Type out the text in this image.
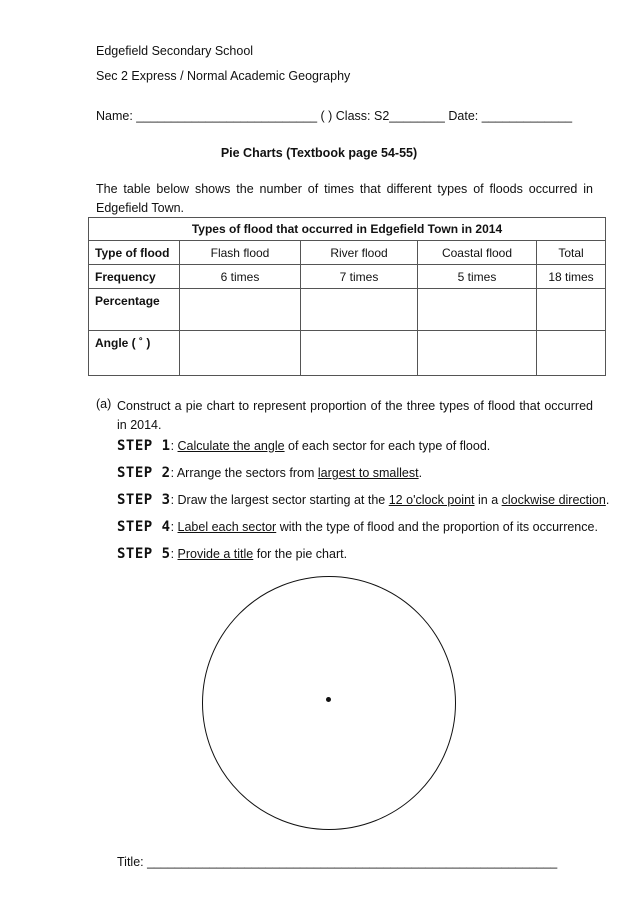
Edgefield Secondary School
Sec 2 Express / Normal Academic Geography
Name: __________________________ ( ) Class: S2________ Date: _____________
Pie Charts (Textbook page 54-55)
The table below shows the number of times that different types of floods occurred in Edgefield Town.
Types of flood that occurred in Edgefield Town in 2014				
Type of flood	Flash flood	River flood	Coastal flood	Total
Frequency	6 times	7 times	5 times	18 times
Percentage				
Angle ( ˚ )				
(a) Construct a pie chart to represent proportion of the three types of flood that occurred in 2014.
STEP 1: Calculate the angle of each sector for each type of flood.
STEP 2: Arrange the sectors from largest to smallest.
STEP 3: Draw the largest sector starting at the 12 o'clock point in a clockwise direction.
STEP 4: Label each sector with the type of flood and the proportion of its occurrence.
STEP 5: Provide a title for the pie chart.
Title: ___________________________________________________________
